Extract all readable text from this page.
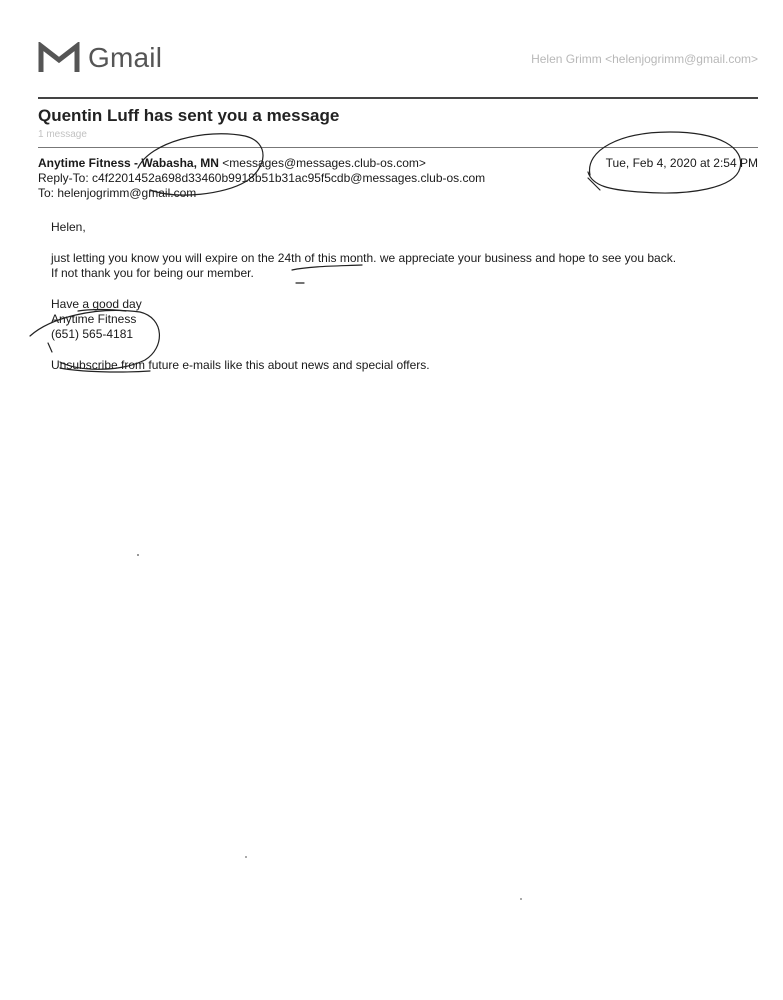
Gmail	Helen Grimm <helenjogrimm@gmail.com>
Quentin Luff has sent you a message
1 message
Anytime Fitness - Wabasha, MN <messages@messages.club-os.com>	Tue, Feb 4, 2020 at 2:54 PM
Reply-To: c4f2201452a698d33460b9918b51b31ac95f5cdb@messages.club-os.com
To: helenjogrimm@gmail.com

Helen,

just letting you know you will expire on the 24th of this month. we appreciate your business and hope to see you back.

If not thank you for being our member.

Have a good day

Anytime Fitness

(651) 565-4181

Unsubscribe from future e-mails like this about news and special offers.
